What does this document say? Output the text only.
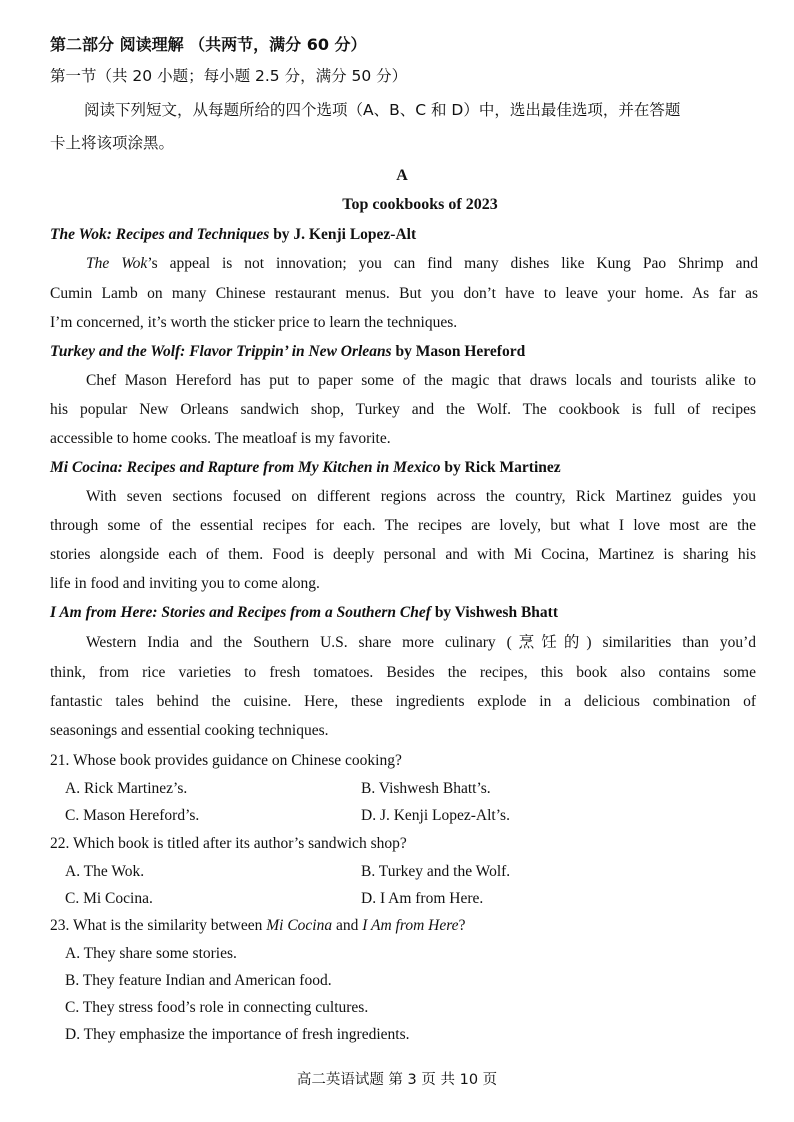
第二部分 阅读理解 （共两节，满分 60 分）
第一节（共 20 小题；每小题 2.5 分，满分 50 分）
阅读下列短文，从每题所给的四个选项（A、B、C 和 D）中，选出最佳选项，并在答题
卡上将该项涂黑。
A
Top cookbooks of 2023
The Wok: Recipes and Techniques by J. Kenji Lopez-Alt
The Wok’s appeal is not innovation; you can find many dishes like Kung Pao Shrimp and
Cumin Lamb on many Chinese restaurant menus. But you don’t have to leave your home. As far as
I’m concerned, it’s worth the sticker price to learn the techniques.
Turkey and the Wolf: Flavor Trippin’ in New Orleans by Mason Hereford
Chef Mason Hereford has put to paper some of the magic that draws locals and tourists alike to
his popular New Orleans sandwich shop, Turkey and the Wolf. The cookbook is full of recipes
accessible to home cooks. The meatloaf is my favorite.
Mi Cocina: Recipes and Rapture from My Kitchen in Mexico by Rick Martinez
With seven sections focused on different regions across the country, Rick Martinez guides you
through some of the essential recipes for each. The recipes are lovely, but what I love most are the
stories alongside each of them. Food is deeply personal and with Mi Cocina, Martinez is sharing his
life in food and inviting you to come along.
I Am from Here: Stories and Recipes from a Southern Chef by Vishwesh Bhatt
Western India and the Southern U.S. share more culinary (烹饪的) similarities than you’d
think, from rice varieties to fresh tomatoes. Besides the recipes, this book also contains some
fantastic tales behind the cuisine. Here, these ingredients explode in a delicious combination of
seasonings and essential cooking techniques.
21. Whose book provides guidance on Chinese cooking?
A. Rick Martinez’s.	B. Vishwesh Bhatt’s.
C. Mason Hereford’s.	D. J. Kenji Lopez-Alt’s.
22. Which book is titled after its author’s sandwich shop?
A. The Wok.	B. Turkey and the Wolf.
C. Mi Cocina.	D. I Am from Here.
23. What is the similarity between Mi Cocina and I Am from Here?
A. They share some stories.
B. They feature Indian and American food.
C. They stress food’s role in connecting cultures.
D. They emphasize the importance of fresh ingredients.
高二英语试题 第 3 页 共 10 页
